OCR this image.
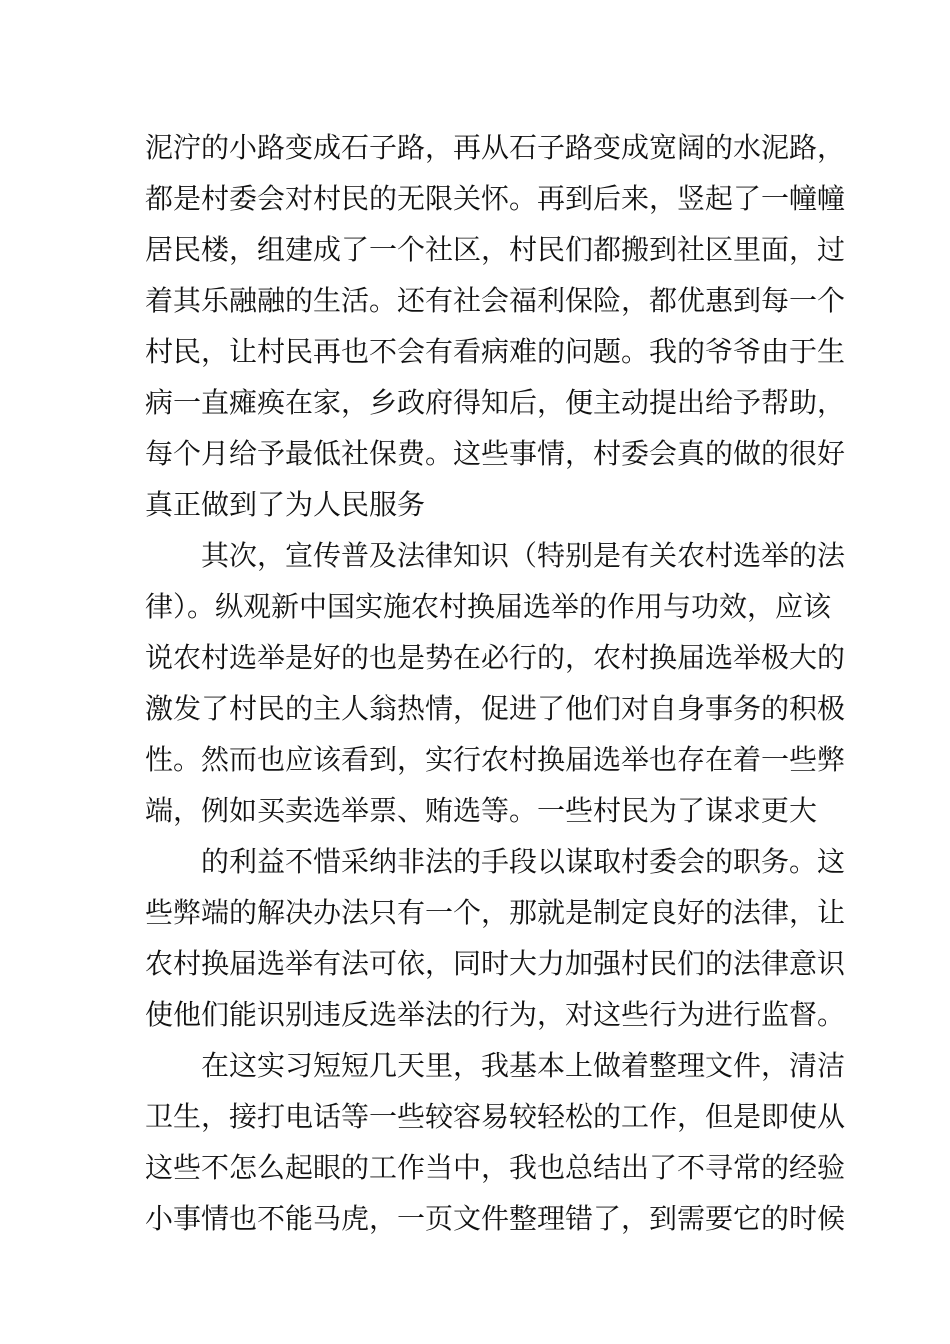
泥泞的小路变成石子路，再从石子路变成宽阔的水泥路，
都是村委会对村民的无限关怀。再到后来，竖起了一幢幢
居民楼，组建成了一个社区，村民们都搬到社区里面，过
着其乐融融的生活。还有社会福利保险，都优惠到每一个
村民，让村民再也不会有看病难的问题。我的爷爷由于生
病一直瘫痪在家，乡政府得知后，便主动提出给予帮助，
每个月给予最低社保费。这些事情，村委会真的做的很好
真正做到了为人民服务
其次，宣传普及法律知识（特别是有关农村选举的法
律）。纵观新中国实施农村换届选举的作用与功效，应该
说农村选举是好的也是势在必行的，农村换届选举极大的
激发了村民的主人翁热情，促进了他们对自身事务的积极
性。然而也应该看到，实行农村换届选举也存在着一些弊
端，例如买卖选举票、贿选等。一些村民为了谋求更大
的利益不惜采纳非法的手段以谋取村委会的职务。这
些弊端的解决办法只有一个，那就是制定良好的法律，让
农村换届选举有法可依，同时大力加强村民们的法律意识
使他们能识别违反选举法的行为，对这些行为进行监督。
在这实习短短几天里，我基本上做着整理文件，清洁
卫生，接打电话等一些较容易较轻松的工作，但是即使从
这些不怎么起眼的工作当中，我也总结出了不寻常的经验
小事情也不能马虎，一页文件整理错了，到需要它的时候
